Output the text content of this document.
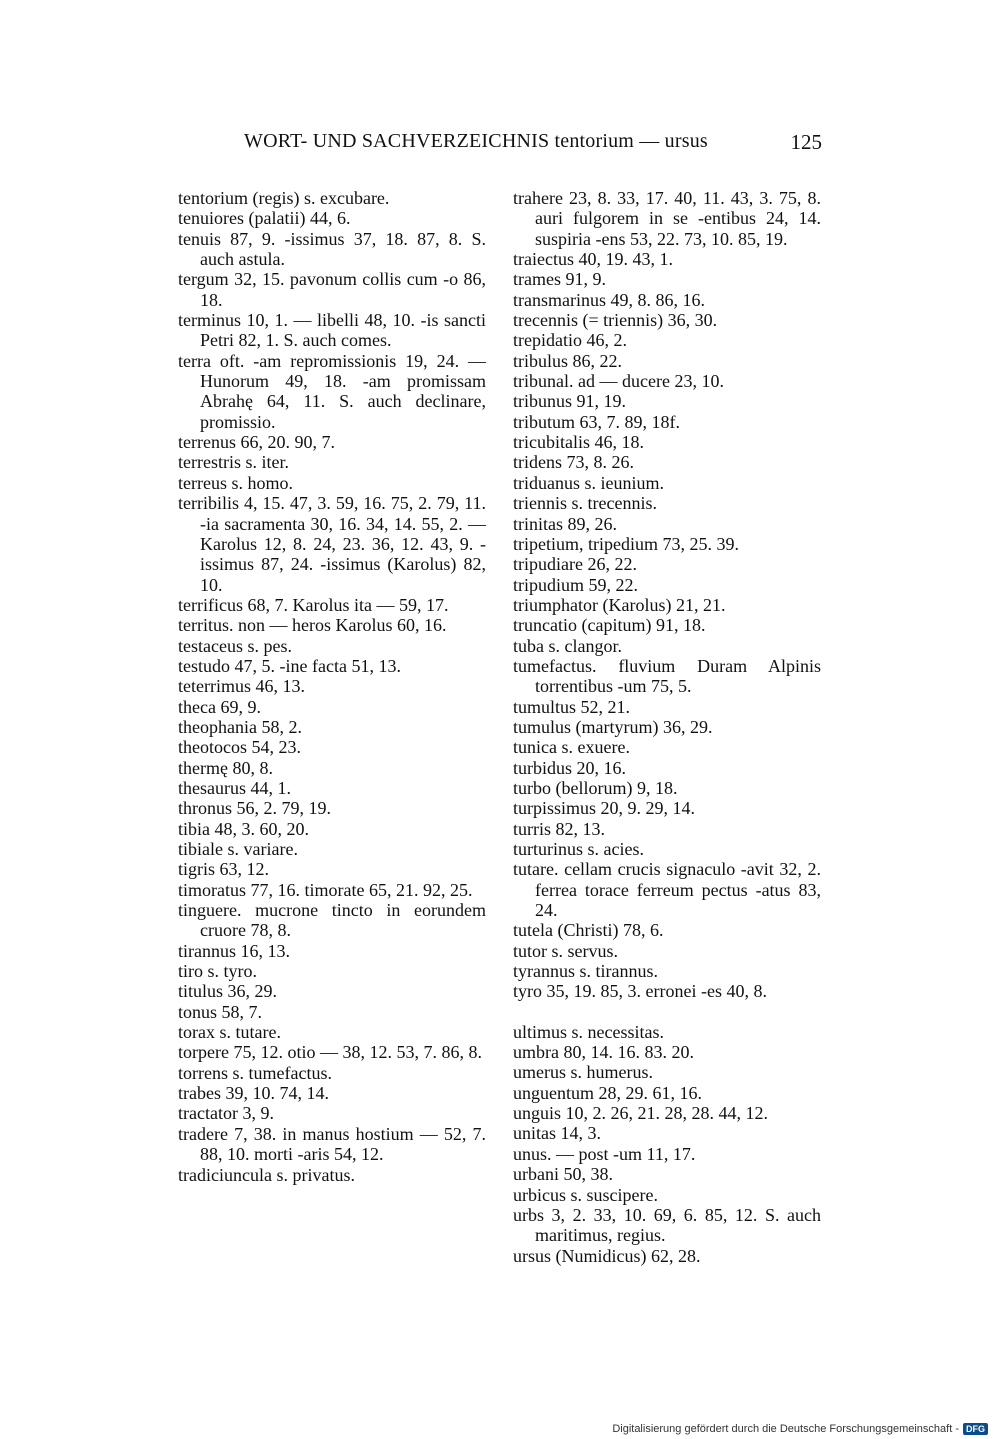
WORT- UND SACHVERZEICHNIS tentorium — ursus	125
tentorium (regis) s. excubare.
tenuiores (palatii) 44, 6.
tenuis 87, 9. -issimus 37, 18. 87, 8. S. auch astula.
tergum 32, 15. pavonum collis cum -o 86, 18.
terminus 10, 1. — libelli 48, 10. -is sancti Petri 82, 1. S. auch comes.
terra oft. -am repromissionis 19, 24. — Hunorum 49, 18. -am promissam Abrahę 64, 11. S. auch declinare, promissio.
terrenus 66, 20. 90, 7.
terrestris s. iter.
terreus s. homo.
terribilis 4, 15. 47, 3. 59, 16. 75, 2. 79, 11. -ia sacramenta 30, 16. 34, 14. 55, 2. — Karolus 12, 8. 24, 23. 36, 12. 43, 9. -issimus 87, 24. -issimus (Karolus) 82, 10.
terrificus 68, 7. Karolus ita — 59, 17.
territus. non — heros Karolus 60, 16.
testaceus s. pes.
testudo 47, 5. -ine facta 51, 13.
teterrimus 46, 13.
theca 69, 9.
theophania 58, 2.
theotocos 54, 23.
thermę 80, 8.
thesaurus 44, 1.
thronus 56, 2. 79, 19.
tibia 48, 3. 60, 20.
tibiale s. variare.
tigris 63, 12.
timoratus 77, 16. timorate 65, 21. 92, 25.
tinguere. mucrone tincto in eorundem cruore 78, 8.
tirannus 16, 13.
tiro s. tyro.
titulus 36, 29.
tonus 58, 7.
torax s. tutare.
torpere 75, 12. otio — 38, 12. 53, 7. 86, 8.
torrens s. tumefactus.
trabes 39, 10. 74, 14.
tractator 3, 9.
tradere 7, 38. in manus hostium — 52, 7. 88, 10. morti -aris 54, 12.
tradiciuncula s. privatus.
trahere 23, 8. 33, 17. 40, 11. 43, 3. 75, 8. auri fulgorem in se -entibus 24, 14. suspiria -ens 53, 22. 73, 10. 85, 19.
traiectus 40, 19. 43, 1.
trames 91, 9.
transmarinus 49, 8. 86, 16.
trecennis (= triennis) 36, 30.
trepidatio 46, 2.
tribulus 86, 22.
tribunal. ad — ducere 23, 10.
tribunus 91, 19.
tributum 63, 7. 89, 18f.
tricubitalis 46, 18.
tridens 73, 8. 26.
triduanus s. ieunium.
triennis s. trecennis.
trinitas 89, 26.
tripetium, tripedium 73, 25. 39.
tripudiare 26, 22.
tripudium 59, 22.
triumphator (Karolus) 21, 21.
truncatio (capitum) 91, 18.
tuba s. clangor.
tumefactus. fluvium Duram Alpinis torrentibus -um 75, 5.
tumultus 52, 21.
tumulus (martyrum) 36, 29.
tunica s. exuere.
turbidus 20, 16.
turbo (bellorum) 9, 18.
turpissimus 20, 9. 29, 14.
turris 82, 13.
turturinus s. acies.
tutare. cellam crucis signaculo -avit 32, 2. ferrea torace ferreum pectus -atus 83, 24.
tutela (Christi) 78, 6.
tutor s. servus.
tyrannus s. tirannus.
tyro 35, 19. 85, 3. erronei -es 40, 8.
ultimus s. necessitas.
umbra 80, 14. 16. 83. 20.
umerus s. humerus.
unguentum 28, 29. 61, 16.
unguis 10, 2. 26, 21. 28, 28. 44, 12.
unitas 14, 3.
unus. — post -um 11, 17.
urbani 50, 38.
urbicus s. suscipere.
urbs 3, 2. 33, 10. 69, 6. 85, 12. S. auch maritimus, regius.
ursus (Numidicus) 62, 28.
Digitalisierung gefördert durch die Deutsche Forschungsgemeinschaft - DFG
